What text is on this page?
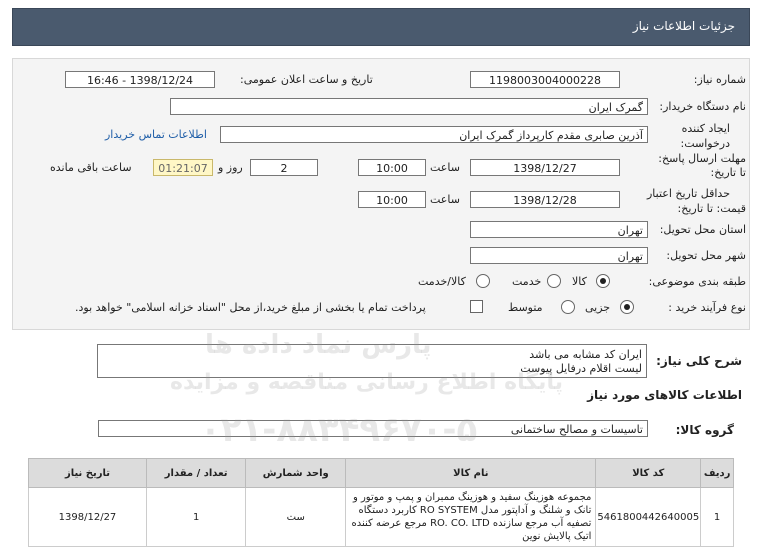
جزئیات اطلاعات نیاز
شماره نیاز:
1198003004000228
تاریخ و ساعت اعلان عمومی:
1398/12/24 - 16:46
نام دستگاه خریدار:
گمرک ایران
ایجاد کننده
درخواست:
آذرین صابری مقدم کارپرداز گمرک ایران
اطلاعات تماس خریدار
مهلت ارسال پاسخ:
تا تاریخ:
1398/12/27
ساعت
10:00
2
روز و
01:21:07
ساعت باقی مانده
حداقل تاریخ اعتبار
قیمت: تا تاریخ:
1398/12/28
ساعت
10:00
استان محل تحویل:
تهران
شهر محل تحویل:
تهران
طبقه بندی موضوعی:
کالا
خدمت
کالا/خدمت
نوع فرآیند خرید :
جزیی
متوسط
پرداخت تمام یا بخشی از مبلغ خرید،از محل "اسناد خزانه اسلامی" خواهد بود.
شرح کلی نیاز:
ایران کد مشابه می باشد
لیست اقلام درفایل پیوست
اطلاعات کالاهای مورد نیاز
گروه کالا:
تاسیسات و مصالح ساختمانی
پارس نماد داده ها
پایگاه اطلاع رسانی مناقصه و مزایده
۰۲۱-۸۸۳۴۹۶۷۰-۵
ردیف	کد کالا	نام کالا	واحد شمارش	تعداد / مقدار	تاریخ نیاز
1	5461800442640005	مجموعه هوزینگ سفید و هوزینگ ممبران و پمپ و موتور و
تانک و شلنگ و آداپتور مدل RO SYSTEM کاربرد دستگاه
تصفیه آب مرجع سازنده RO. CO. LTD مرجع عرضه کننده
اتیک پالایش نوین	ست	1	1398/12/27
